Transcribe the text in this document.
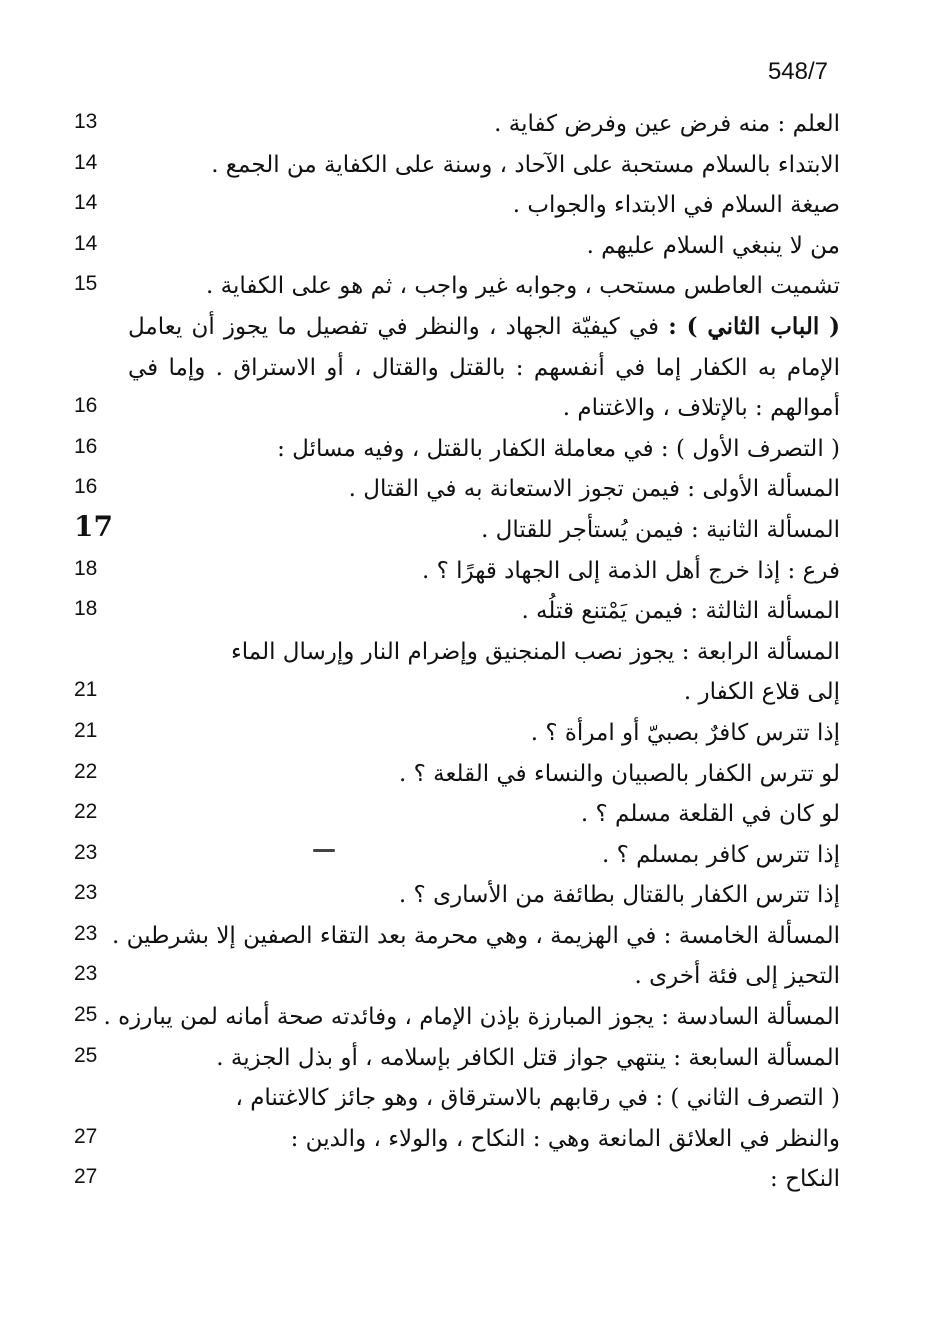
548/7
العلم : منه فرض عين وفرض كفاية .
13
الابتداء بالسلام مستحبة على الآحاد ، وسنة على الكفاية من الجمع .
14
صيغة السلام في الابتداء والجواب .
14
من لا ينبغي السلام عليهم .
14
تشميت العاطس مستحب ، وجوابه غير واجب ، ثم هو على الكفاية .
15
( الباب الثاني ) : في كيفيّة الجهاد ، والنظر في تفصيل ما يجوز أن يعامل
الإمام به الكفار إما في أنفسهم : بالقتل والقتال ، أو الاستراق . وإما في
أموالهم : بالإتلاف ، والاغتنام .
16
( التصرف الأول ) : في معاملة الكفار بالقتل ، وفيه مسائل :
16
المسألة الأولى : فيمن تجوز الاستعانة به في القتال .
16
المسألة الثانية : فيمن يُستأجر للقتال .
17
فرع : إذا خرج أهل الذمة إلى الجهاد قهرًا ؟ .
18
المسألة الثالثة : فيمن يَمْتنع قتلُه .
18
المسألة الرابعة : يجوز نصب المنجنيق وإضرام النار وإرسال الماء
إلى قلاع الكفار .
21
إذا تترس كافرٌ بصبيّ أو امرأة ؟ .
21
لو تترس الكفار بالصبيان والنساء في القلعة ؟ .
22
لو كان في القلعة مسلم ؟ .
22
إذا تترس كافر بمسلم ؟ .
23
إذا تترس الكفار بالقتال بطائفة من الأسارى ؟ .
23
المسألة الخامسة : في الهزيمة ، وهي محرمة بعد التقاء الصفين إلا بشرطين .
23
التحيز إلى فئة أخرى .
23
المسألة السادسة : يجوز المبارزة بإذن الإمام ، وفائدته صحة أمانه لمن يبارزه .
25
المسألة السابعة : ينتهي جواز قتل الكافر بإسلامه ، أو بذل الجزية .
25
( التصرف الثاني ) : في رقابهم بالاسترقاق ، وهو جائز كالاغتنام ،
والنظر في العلائق المانعة وهي : النكاح ، والولاء ، والدين :
27
النكاح :
27
